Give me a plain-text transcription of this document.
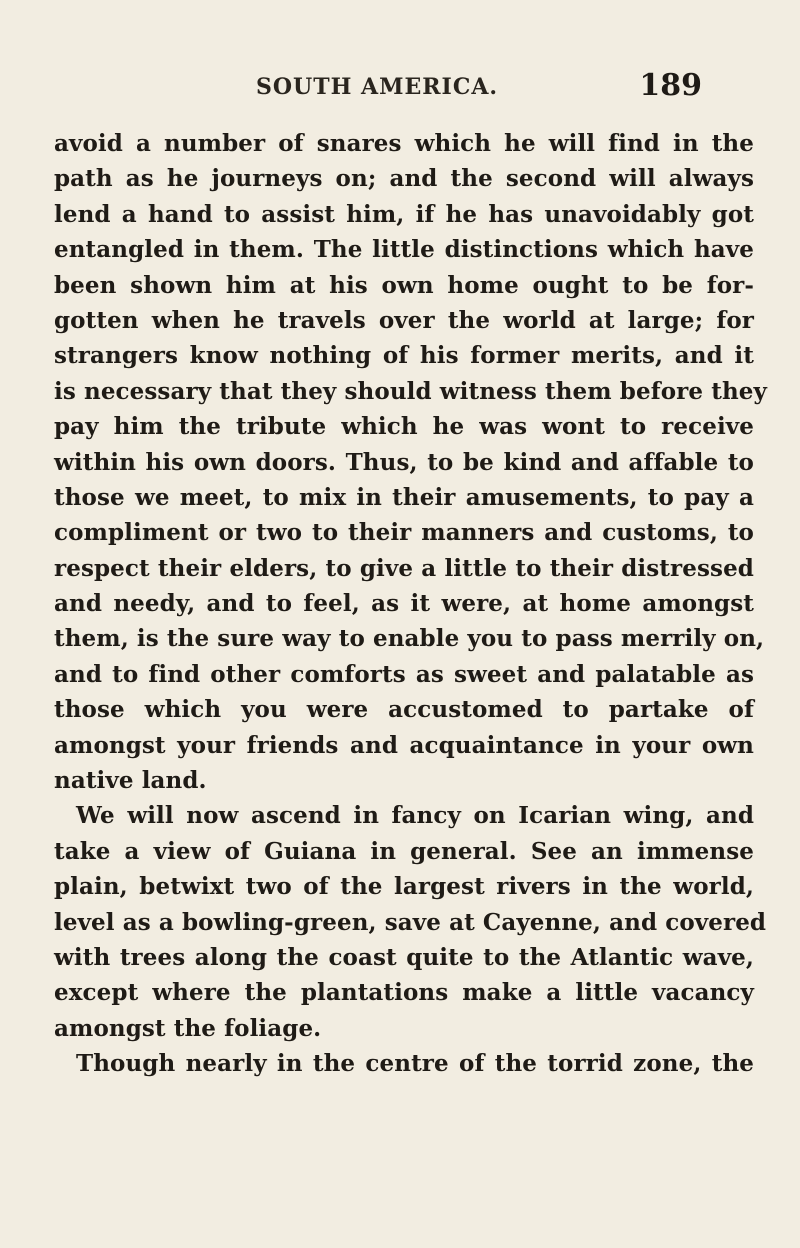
SOUTH AMERICA.	189
avoid a number of snares which he will find in the
path as he journeys on; and the second will always
lend a hand to assist him, if he has unavoidably got
entangled in them. The little distinctions which have
been shown him at his own home ought to be for-
gotten when he travels over the world at large; for
strangers know nothing of his former merits, and it
is necessary that they should witness them before they
pay him the tribute which he was wont to receive
within his own doors. Thus, to be kind and affable to
those we meet, to mix in their amusements, to pay a
compliment or two to their manners and customs, to
respect their elders, to give a little to their distressed
and needy, and to feel, as it were, at home amongst
them, is the sure way to enable you to pass merrily on,
and to find other comforts as sweet and palatable as
those which you were accustomed to partake of
amongst your friends and acquaintance in your own
native land.
We will now ascend in fancy on Icarian wing, and
take a view of Guiana in general. See an immense
plain, betwixt two of the largest rivers in the world,
level as a bowling-green, save at Cayenne, and covered
with trees along the coast quite to the Atlantic wave,
except where the plantations make a little vacancy
amongst the foliage.
Though nearly in the centre of the torrid zone, the
